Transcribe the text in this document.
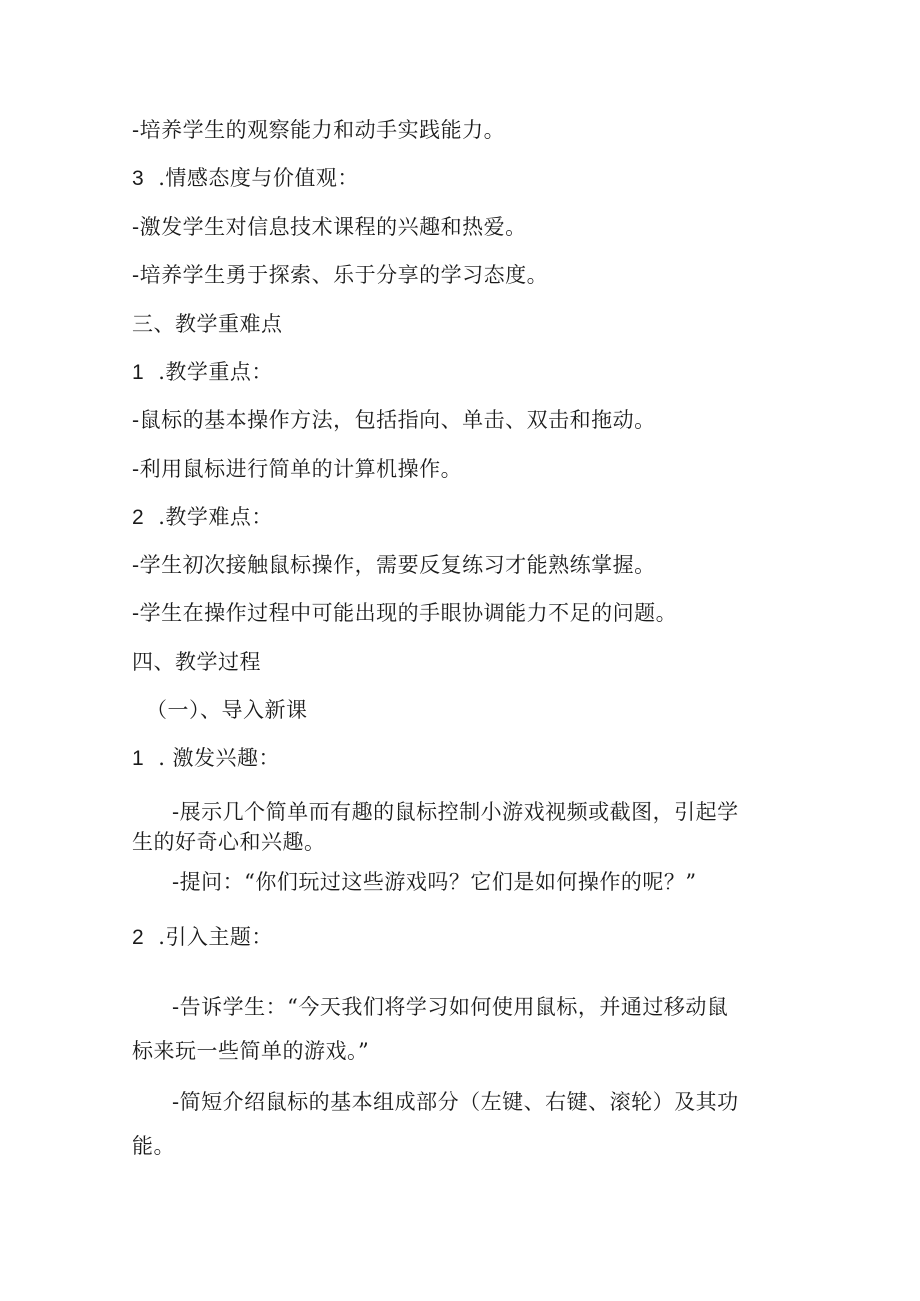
-培养学生的观察能力和动手实践能力。
3 .情感态度与价值观：
-激发学生对信息技术课程的兴趣和热爱。
-培养学生勇于探索、乐于分享的学习态度。
三、教学重难点
1 .教学重点：
-鼠标的基本操作方法，包括指向、单击、双击和拖动。
-利用鼠标进行简单的计算机操作。
2 .教学难点：
-学生初次接触鼠标操作，需要反复练习才能熟练掌握。
-学生在操作过程中可能出现的手眼协调能力不足的问题。
四、教学过程
（一）、导入新课
1 . 激发兴趣：
-展示几个简单而有趣的鼠标控制小游戏视频或截图，引起学
生的好奇心和兴趣。
-提问：“你们玩过这些游戏吗？它们是如何操作的呢？”
2 .引入主题：
-告诉学生：“今天我们将学习如何使用鼠标，并通过移动鼠
标来玩一些简单的游戏。”
-简短介绍鼠标的基本组成部分（左键、右键、滚轮）及其功
能。
